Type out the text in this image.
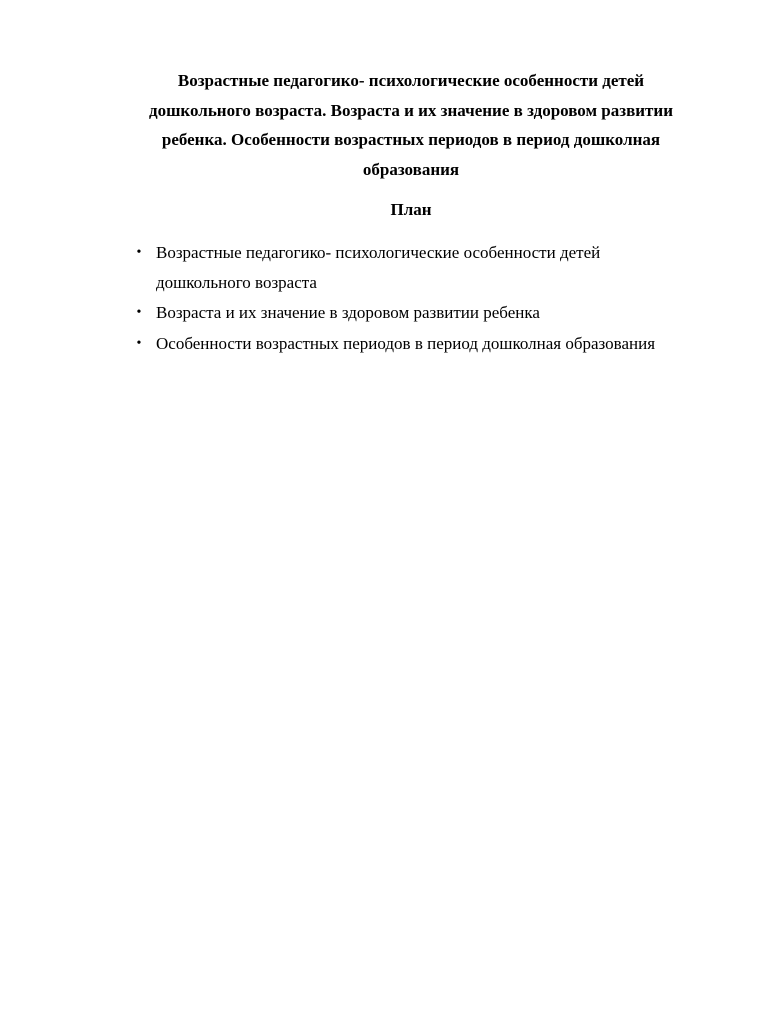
Возрастные педагогико- психологические особенности детей
дошкольного возраста. Возраста и их значение в здоровом развитии
ребенка. Особенности возрастных периодов в период дошколная
образования
План
• Возрастные педагогико- психологические особенности детей
дошкольного возраста
• Возраста и их значение в здоровом развитии ребенка
• Особенности возрастных периодов в период дошколная образования
